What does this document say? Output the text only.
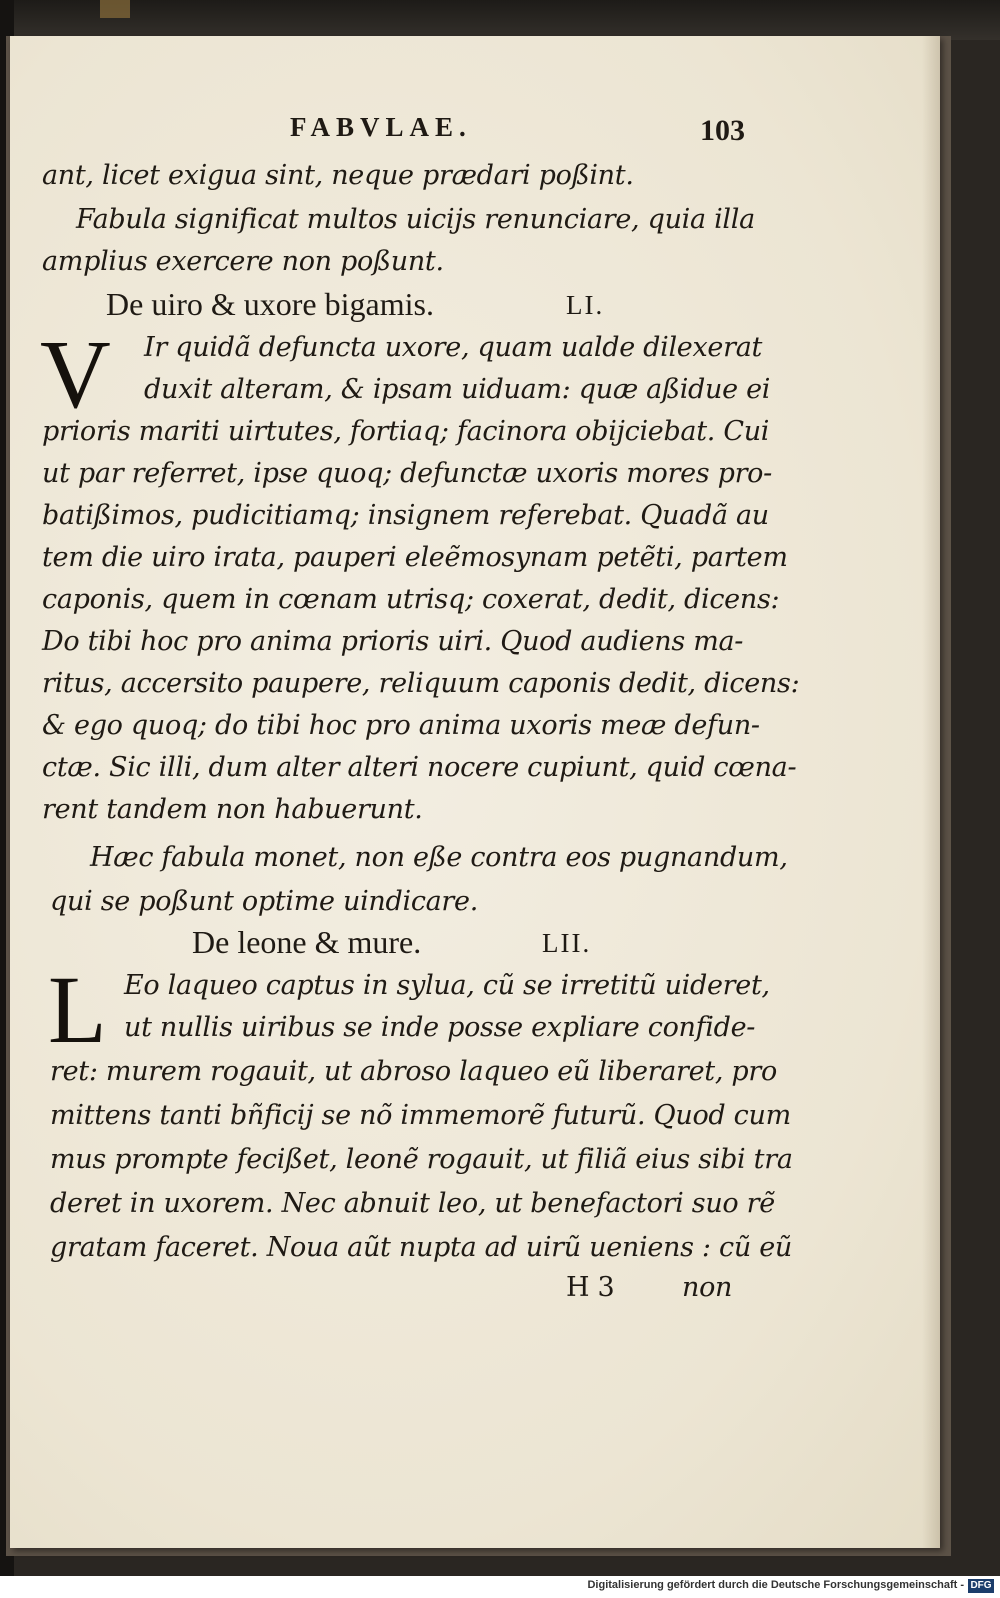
FABVLAE.	103
ant, licet exigua sint, neque prædari poßint.
Fabula significat multos uicijs renunciare, quia illa
amplius exercere non poßunt.
De uiro & uxore bigamis.	LI.
V Ir quidã defuncta uxore, quam ualde dilexerat
duxit alteram, & ipsam uiduam: quæ aßidue ei
prioris mariti uirtutes, fortiaq; facinora obijciebat. Cui
ut par referret, ipse quoq; defunctæ uxoris mores pro-
batißimos, pudicitiamq; insignem referebat. Quadã au
tem die uiro irata, pauperi eleẽmosynam petẽti, partem
caponis, quem in cœnam utrisq; coxerat, dedit, dicens:
Do tibi hoc pro anima prioris uiri. Quod audiens ma-
ritus, accersito paupere, reliquum caponis dedit, dicens:
& ego quoq; do tibi hoc pro anima uxoris meæ defun-
ctæ. Sic illi, dum alter alteri nocere cupiunt, quid cœna-
rent tandem non habuerunt.
Hæc fabula monet, non eße contra eos pugnandum,
qui se poßunt optime uindicare.
De leone & mure.	LII.
L Eo laqueo captus in sylua, cũ se irretitũ uideret,
ut nullis uiribus se inde posse expliare confide-
ret: murem rogauit, ut abroso laqueo eũ liberaret, pro
mittens tanti bñficij se nõ immemorẽ futurũ. Quod cum
mus prompte fecißet, leonẽ rogauit, ut filiã eius sibi tra
deret in uxorem. Nec abnuit leo, ut benefactori suo rẽ
gratam faceret. Noua aũt nupta ad uirũ ueniens : cũ eũ
H 3	non
Digitalisierung gefördert durch die Deutsche Forschungsgemeinschaft - DFG
